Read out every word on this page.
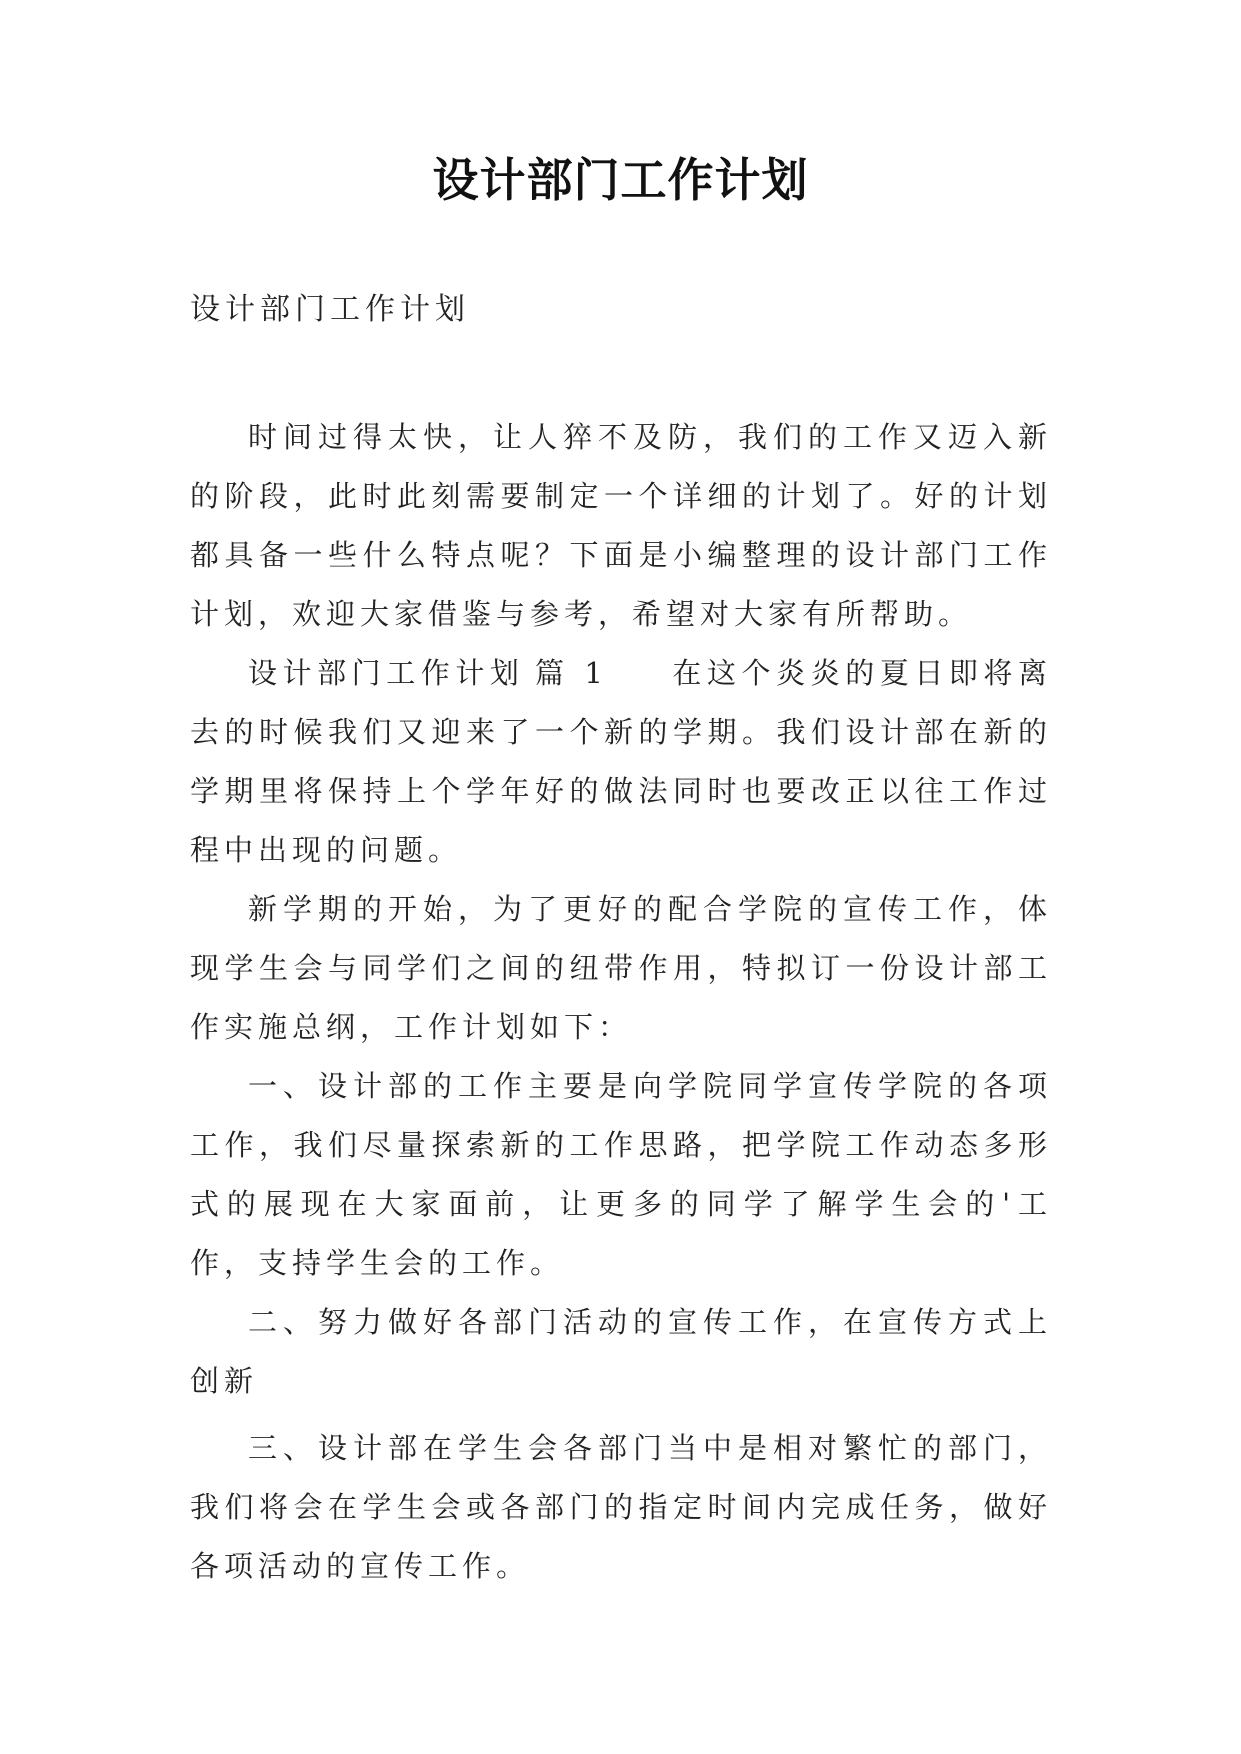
设计部门工作计划
设计部门工作计划

时间过得太快，让人猝不及防，我们的工作又迈入新的阶段，此时此刻需要制定一个详细的计划了。好的计划都具备一些什么特点呢？下面是小编整理的设计部门工作计划，欢迎大家借鉴与参考，希望对大家有所帮助。

设计部门工作计划 篇 1 在这个炎炎的夏日即将离去的时候我们又迎来了一个新的学期。我们设计部在新的学期里将保持上个学年好的做法同时也要改正以往工作过程中出现的问题。

新学期的开始，为了更好的配合学院的宣传工作，体现学生会与同学们之间的纽带作用，特拟订一份设计部工作实施总纲，工作计划如下：

一、设计部的工作主要是向学院同学宣传学院的各项工作，我们尽量探索新的工作思路，把学院工作动态多形式的展现在大家面前，让更多的同学了解学生会的'工作，支持学生会的工作。

二、努力做好各部门活动的宣传工作，在宣传方式上创新

三、设计部在学生会各部门当中是相对繁忙的部门，我们将会在学生会或各部门的指定时间内完成任务，做好各项活动的宣传工作。
